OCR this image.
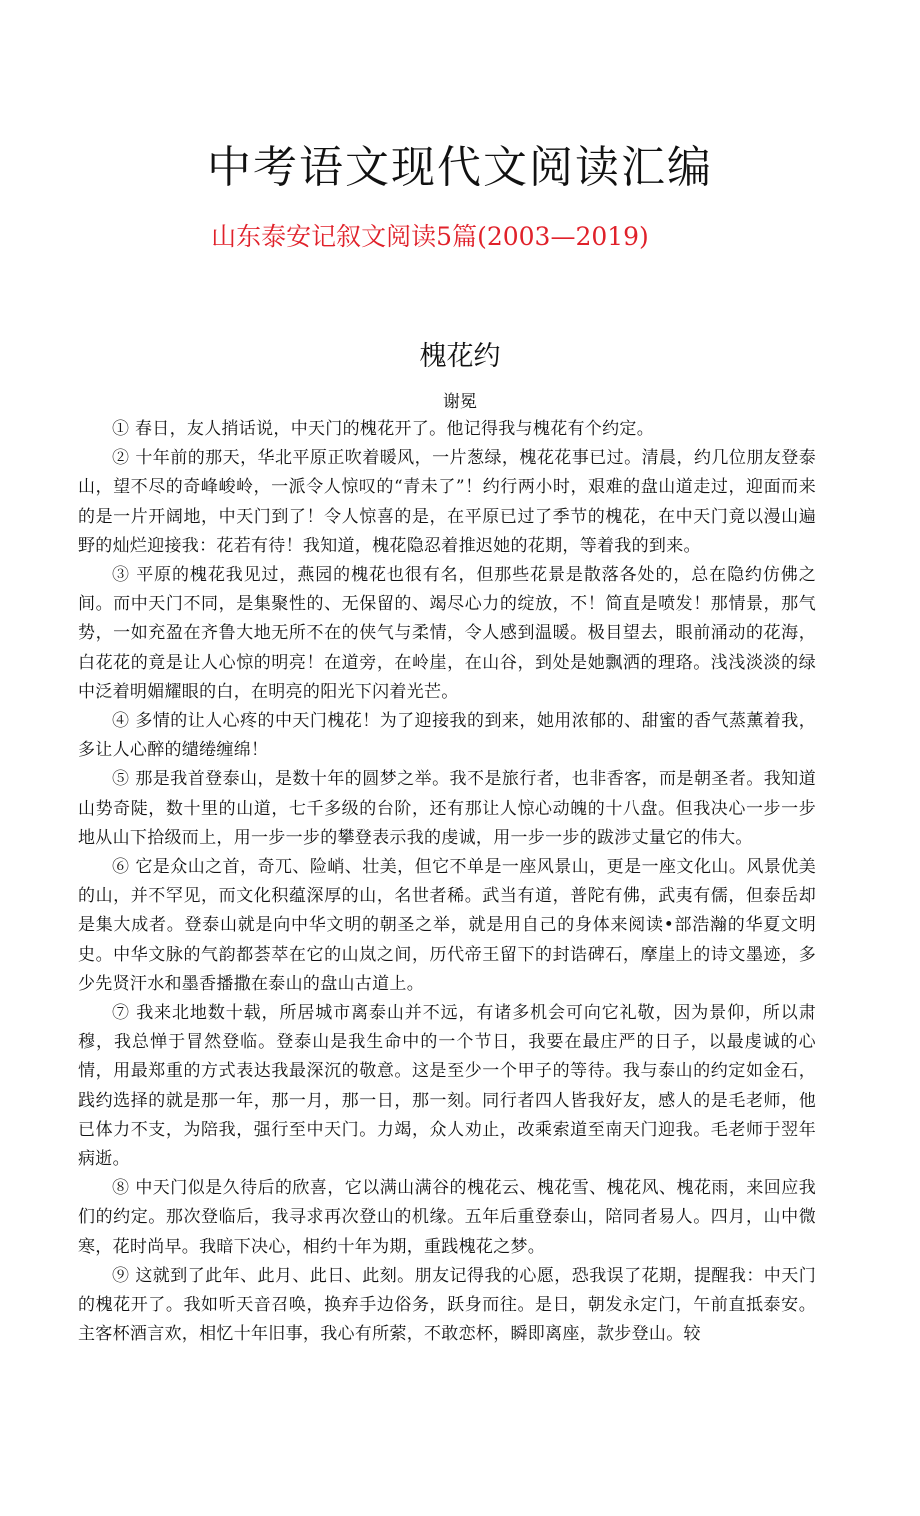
中考语文现代文阅读汇编
山东泰安记叙文阅读5篇(2003—2019)
槐花约
谢冕

① 春日，友人捎话说，中天门的槐花开了。他记得我与槐花有个约定。

② 十年前的那天，华北平原正吹着暖风，一片葱绿，槐花花事已过。清晨，约几位朋友登泰山，望不尽的奇峰峻岭，一派令人惊叹的“青未了”！约行两小时，艰难的盘山道走过，迎面而来的是一片开阔地，中天门到了！令人惊喜的是，在平原已过了季节的槐花，在中天门竟以漫山遍野的灿烂迎接我：花若有待！我知道，槐花隐忍着推迟她的花期，等着我的到来。

③ 平原的槐花我见过，燕园的槐花也很有名，但那些花景是散落各处的，总在隐约仿佛之间。而中天门不同，是集聚性的、无保留的、竭尽心力的绽放，不！简直是喷发！那情景，那气势，一如充盈在齐鲁大地无所不在的侠气与柔情，令人感到温暖。极目望去，眼前涌动的花海，白花花的竟是让人心惊的明亮！在道旁，在岭崖，在山谷，到处是她飘洒的理珞。浅浅淡淡的绿中泛着明媚耀眼的白，在明亮的阳光下闪着光芒。

④ 多情的让人心疼的中天门槐花！为了迎接我的到来，她用浓郁的、甜蜜的香气蒸薰着我，多让人心醉的缱绻缠绵！

⑤ 那是我首登泰山，是数十年的圆梦之举。我不是旅行者，也非香客，而是朝圣者。我知道山势奇陡，数十里的山道，七千多级的台阶，还有那让人惊心动魄的十八盘。但我决心一步一步地从山下拾级而上，用一步一步的攀登表示我的虔诚，用一步一步的跋涉丈量它的伟大。

⑥ 它是众山之首，奇兀、险峭、壮美，但它不单是一座风景山，更是一座文化山。风景优美的山，并不罕见，而文化积蕴深厚的山，名世者稀。武当有道，普陀有佛，武夷有儒，但泰岳却是集大成者。登泰山就是向中华文明的朝圣之举，就是用自己的身体来阅读•部浩瀚的华夏文明史。中华文脉的气韵都荟萃在它的山岚之间，历代帝王留下的封诰碑石，摩崖上的诗文墨迹，多少先贤汗水和墨香播撒在泰山的盘山古道上。

⑦ 我来北地数十载，所居城市离泰山并不远，有诸多机会可向它礼敬，因为景仰，所以肃穆，我总惮于冒然登临。登泰山是我生命中的一个节日，我要在最庄严的日子，以最虔诚的心情，用最郑重的方式表达我最深沉的敬意。这是至少一个甲子的等待。我与泰山的约定如金石，践约选择的就是那一年，那一月，那一日，那一刻。同行者四人皆我好友，感人的是毛老师，他已体力不支，为陪我，强行至中天门。力竭，众人劝止，改乘索道至南天门迎我。毛老师于翌年病逝。

⑧ 中天门似是久待后的欣喜，它以满山满谷的槐花云、槐花雪、槐花风、槐花雨，来回应我们的约定。那次登临后，我寻求再次登山的机缘。五年后重登泰山，陪同者易人。四月，山中微寒，花时尚早。我暗下决心，相约十年为期，重践槐花之梦。

⑨ 这就到了此年、此月、此日、此刻。朋友记得我的心愿，恐我误了花期，提醒我：中天门的槐花开了。我如听天音召唤，换弃手边俗务，跃身而往。是日，朝发永定门，午前直抵泰安。主客杯酒言欢，相忆十年旧事，我心有所萦，不敢恋杯，瞬即离座，款步登山。较
